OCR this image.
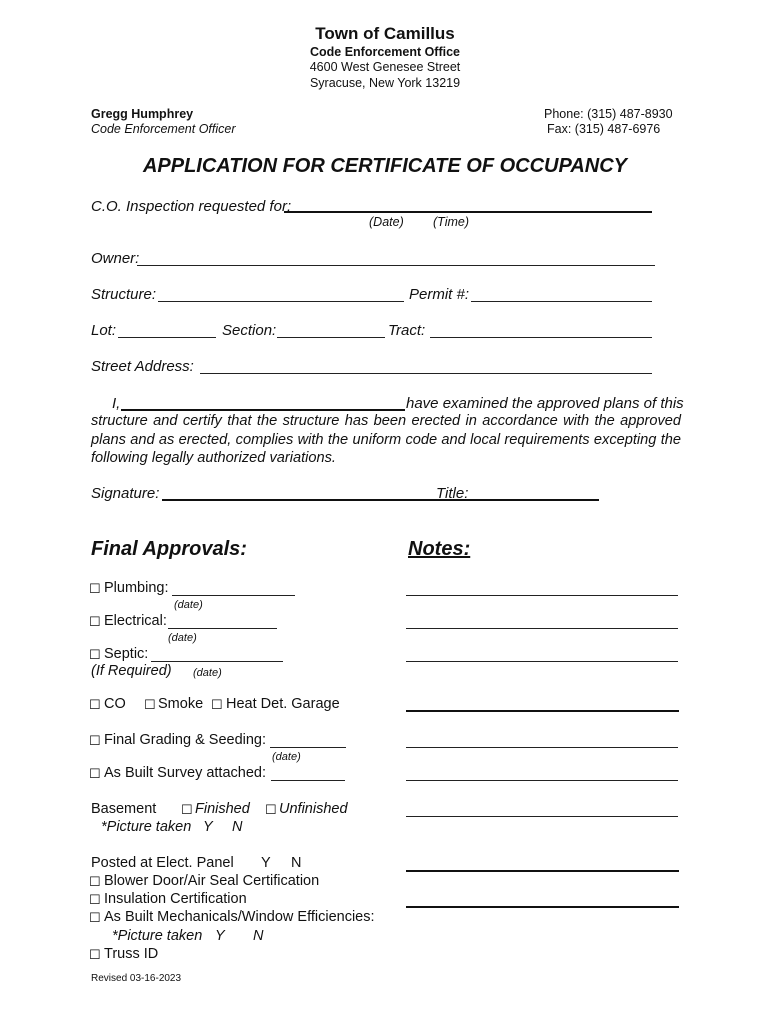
Town of Camillus
Code Enforcement Office
4600 West Genesee Street
Syracuse, New York 13219
Gregg Humphrey
Code Enforcement Officer
Phone: (315) 487-8930
Fax: (315) 487-6976
APPLICATION FOR CERTIFICATE OF OCCUPANCY
C.O. Inspection requested for:
(Date) (Time)
Owner:
Structure:	Permit #:
Lot:	Section:	Tract:
Street Address:
I,	have examined the approved plans of this
structure and certify that the structure has been erected in accordance with the approved plans and as erected, complies with the uniform code and local requirements excepting the following legally authorized variations.
Signature:	Title:
Final Approvals:	Notes:
☐ Plumbing:
(date)
☐ Electrical:
(date)
☐ Septic:
(If Required) (date)
☐ CO ☐ Smoke ☐ Heat Det. Garage
☐ Final Grading & Seeding:
(date)
☐ As Built Survey attached:
Basement ☐ Finished ☐ Unfinished
*Picture taken Y N
Posted at Elect. Panel Y N
☐ Blower Door/Air Seal Certification
☐ Insulation Certification
☐ As Built Mechanicals/Window Efficiencies:
*Picture taken Y N
☐ Truss ID
Revised 03-16-2023
